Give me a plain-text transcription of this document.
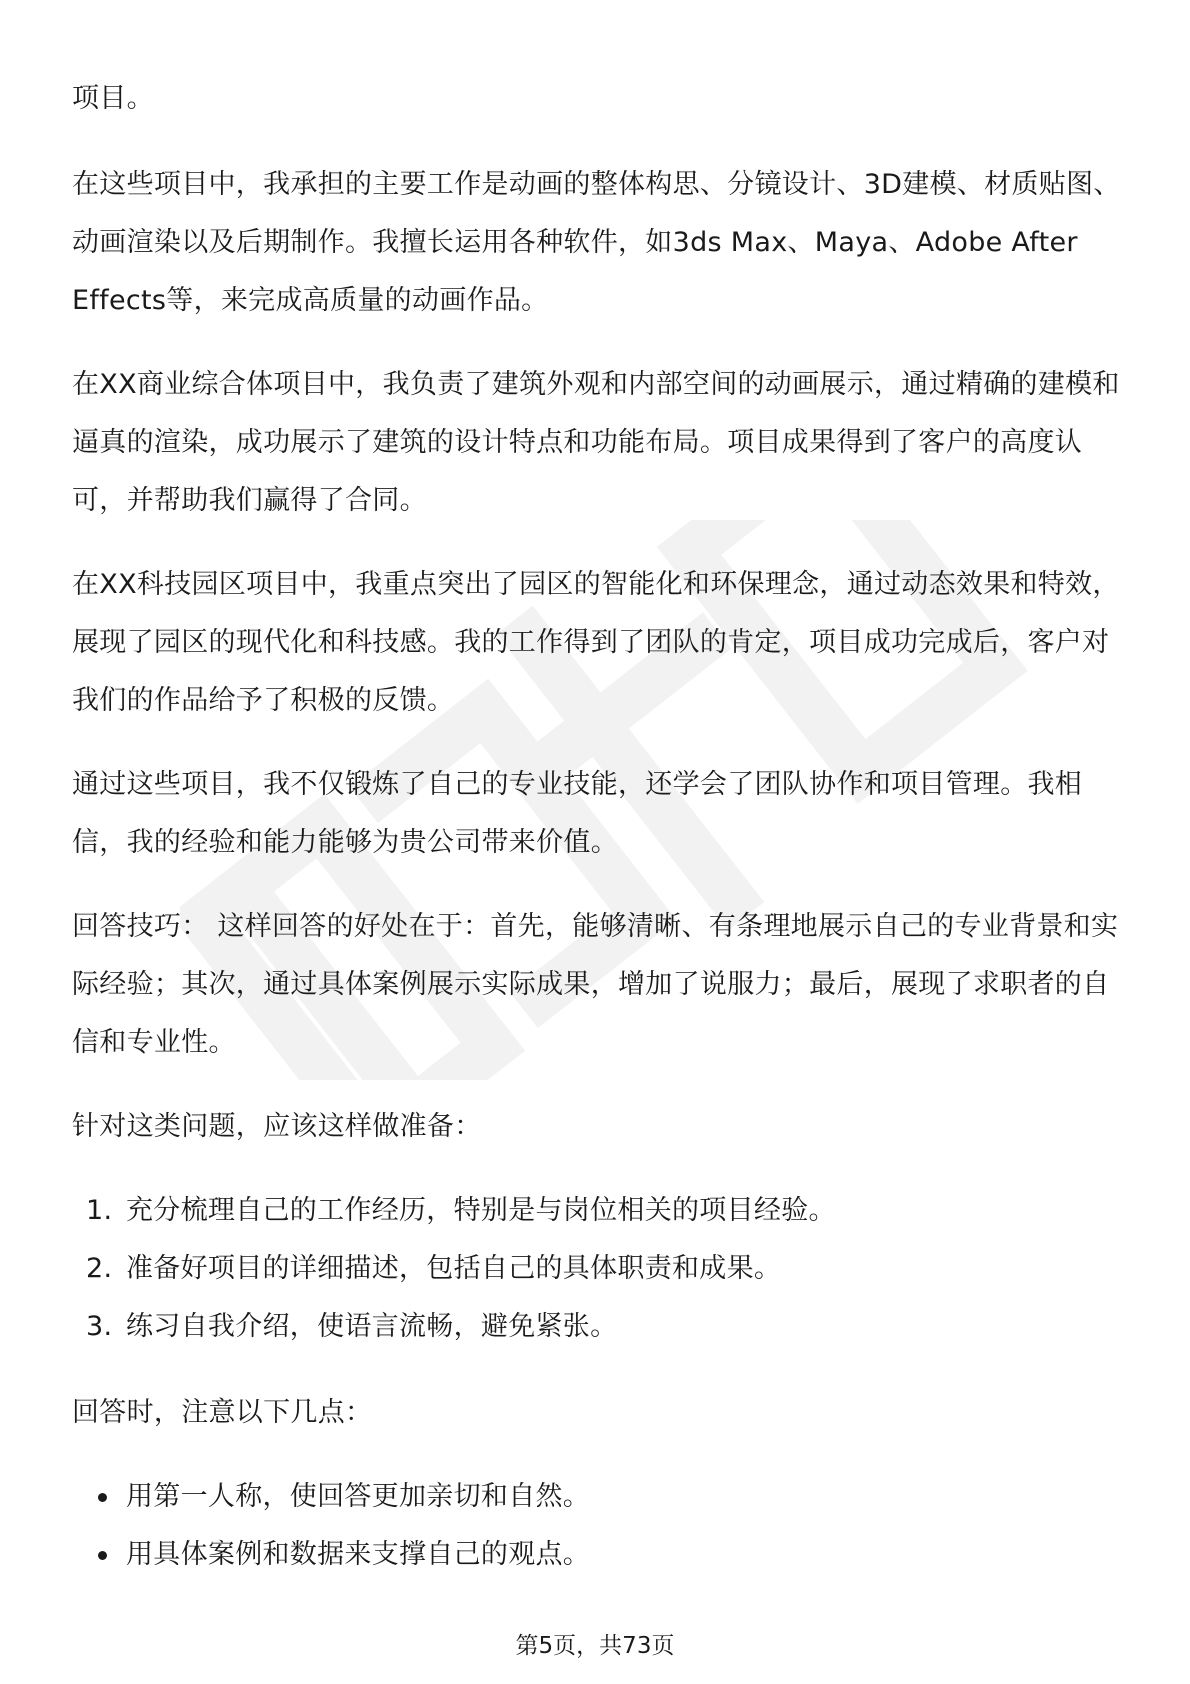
项目。

在这些项目中，我承担的主要工作是动画的整体构思、分镜设计、3D建模、材质贴图、动画渲染以及后期制作。我擅长运用各种软件，如3ds Max、Maya、Adobe After Effects等，来完成高质量的动画作品。

在XX商业综合体项目中，我负责了建筑外观和内部空间的动画展示，通过精确的建模和逼真的渲染，成功展示了建筑的设计特点和功能布局。项目成果得到了客户的高度认可，并帮助我们赢得了合同。

在XX科技园区项目中，我重点突出了园区的智能化和环保理念，通过动态效果和特效，展现了园区的现代化和科技感。我的工作得到了团队的肯定，项目成功完成后，客户对我们的作品给予了积极的反馈。

通过这些项目，我不仅锻炼了自己的专业技能，还学会了团队协作和项目管理。我相信，我的经验和能力能够为贵公司带来价值。

回答技巧： 这样回答的好处在于：首先，能够清晰、有条理地展示自己的专业背景和实际经验；其次，通过具体案例展示实际成果，增加了说服力；最后，展现了求职者的自信和专业性。

针对这类问题，应该这样做准备：

1. 充分梳理自己的工作经历，特别是与岗位相关的项目经验。
2. 准备好项目的详细描述，包括自己的具体职责和成果。
3. 练习自我介绍，使语言流畅，避免紧张。

回答时，注意以下几点：

用第一人称，使回答更加亲切和自然。
用具体案例和数据来支撑自己的观点。
第5页，共73页
